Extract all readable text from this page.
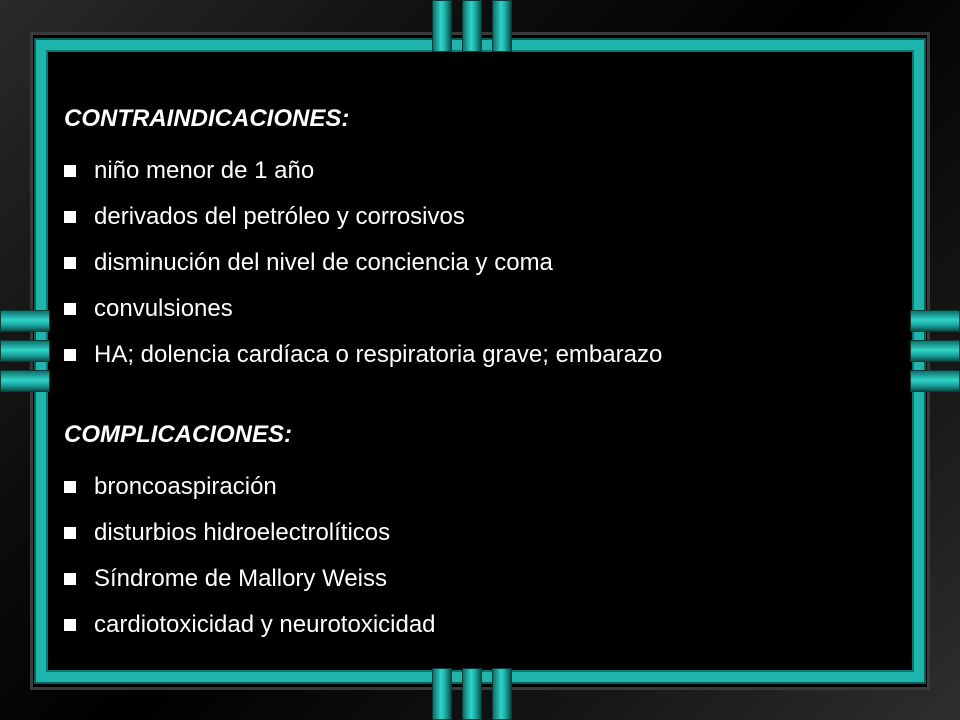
CONTRAINDICACIONES:
niño menor de 1 año
derivados del petróleo y corrosivos
disminución del nivel de conciencia y coma
convulsiones
HA; dolencia cardíaca o respiratoria grave; embarazo
COMPLICACIONES:
broncoaspiración
disturbios hidroelectrolíticos
Síndrome de Mallory Weiss
cardiotoxicidad y neurotoxicidad
